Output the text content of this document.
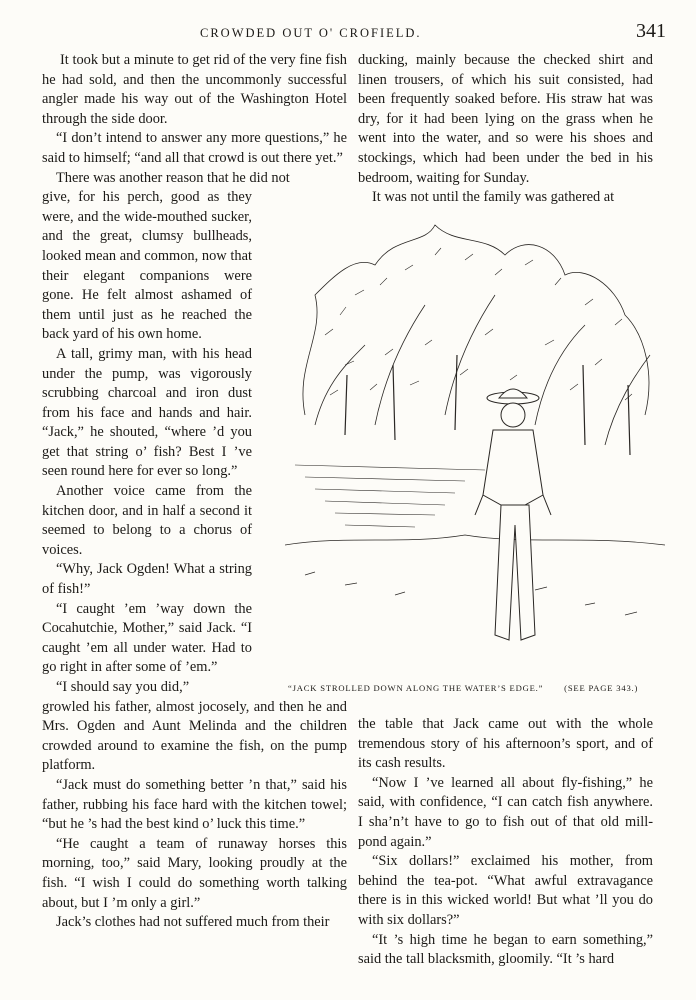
CROWDED OUT O' CROFIELD.	341

It took but a minute to get rid of the very fine fish he had sold, and then the uncommonly successful angler made his way out of the Washington Hotel through the side door.

“I don’t intend to answer any more questions,” he said to himself; “and all that crowd is out there yet.”

There was another reason that he did not

give, for his perch, good as they were, and the wide-mouthed sucker, and the great, clumsy bullheads, looked mean and common, now that their elegant companions were gone. He felt almost ashamed of them until just as he reached the back yard of his own home.

A tall, grimy man, with his head under the pump, was vigorously scrubbing charcoal and iron dust from his face and hands and hair. “Jack,” he shouted, “where ’d you get that string o’ fish? Best I ’ve seen round here for ever so long.”

Another voice came from the kitchen door, and in half a second it seemed to belong to a chorus of voices.

“Why, Jack Ogden! What a string of fish!”

“I caught ’em ’way down the Cocahutchie, Mother,” said Jack. “I caught ’em all under water. Had to go right in after some of ’em.”

“I should say you did,”

growled his father, almost jocosely, and then he and Mrs. Ogden and Aunt Melinda and the children crowded around to examine the fish, on the pump platform.

“Jack must do something better ’n that,” said his father, rubbing his face hard with the kitchen towel; “but he ’s had the best kind o’ luck this time.”

“He caught a team of runaway horses this morning, too,” said Mary, looking proudly at the fish. “I wish I could do something worth talking about, but I ’m only a girl.”

Jack’s clothes had not suffered much from their

ducking, mainly because the checked shirt and linen trousers, of which his suit consisted, had been frequently soaked before. His straw hat was dry, for it had been lying on the grass when he went into the water, and so were his shoes and stockings, which had been under the bed in his bedroom, waiting for Sunday.

It was not until the family was gathered at

“JACK STROLLED DOWN ALONG THE WATER’S EDGE.” (SEE PAGE 343.)

the table that Jack came out with the whole tremendous story of his afternoon’s sport, and of its cash results.

“Now I ’ve learned all about fly-fishing,” he said, with confidence, “I can catch fish anywhere. I sha’n’t have to go to fish out of that old mill-pond again.”

“Six dollars!” exclaimed his mother, from behind the tea-pot. “What awful extravagance there is in this wicked world! But what ’ll you do with six dollars?”

“It ’s high time he began to earn something,” said the tall blacksmith, gloomily. “It ’s hard
